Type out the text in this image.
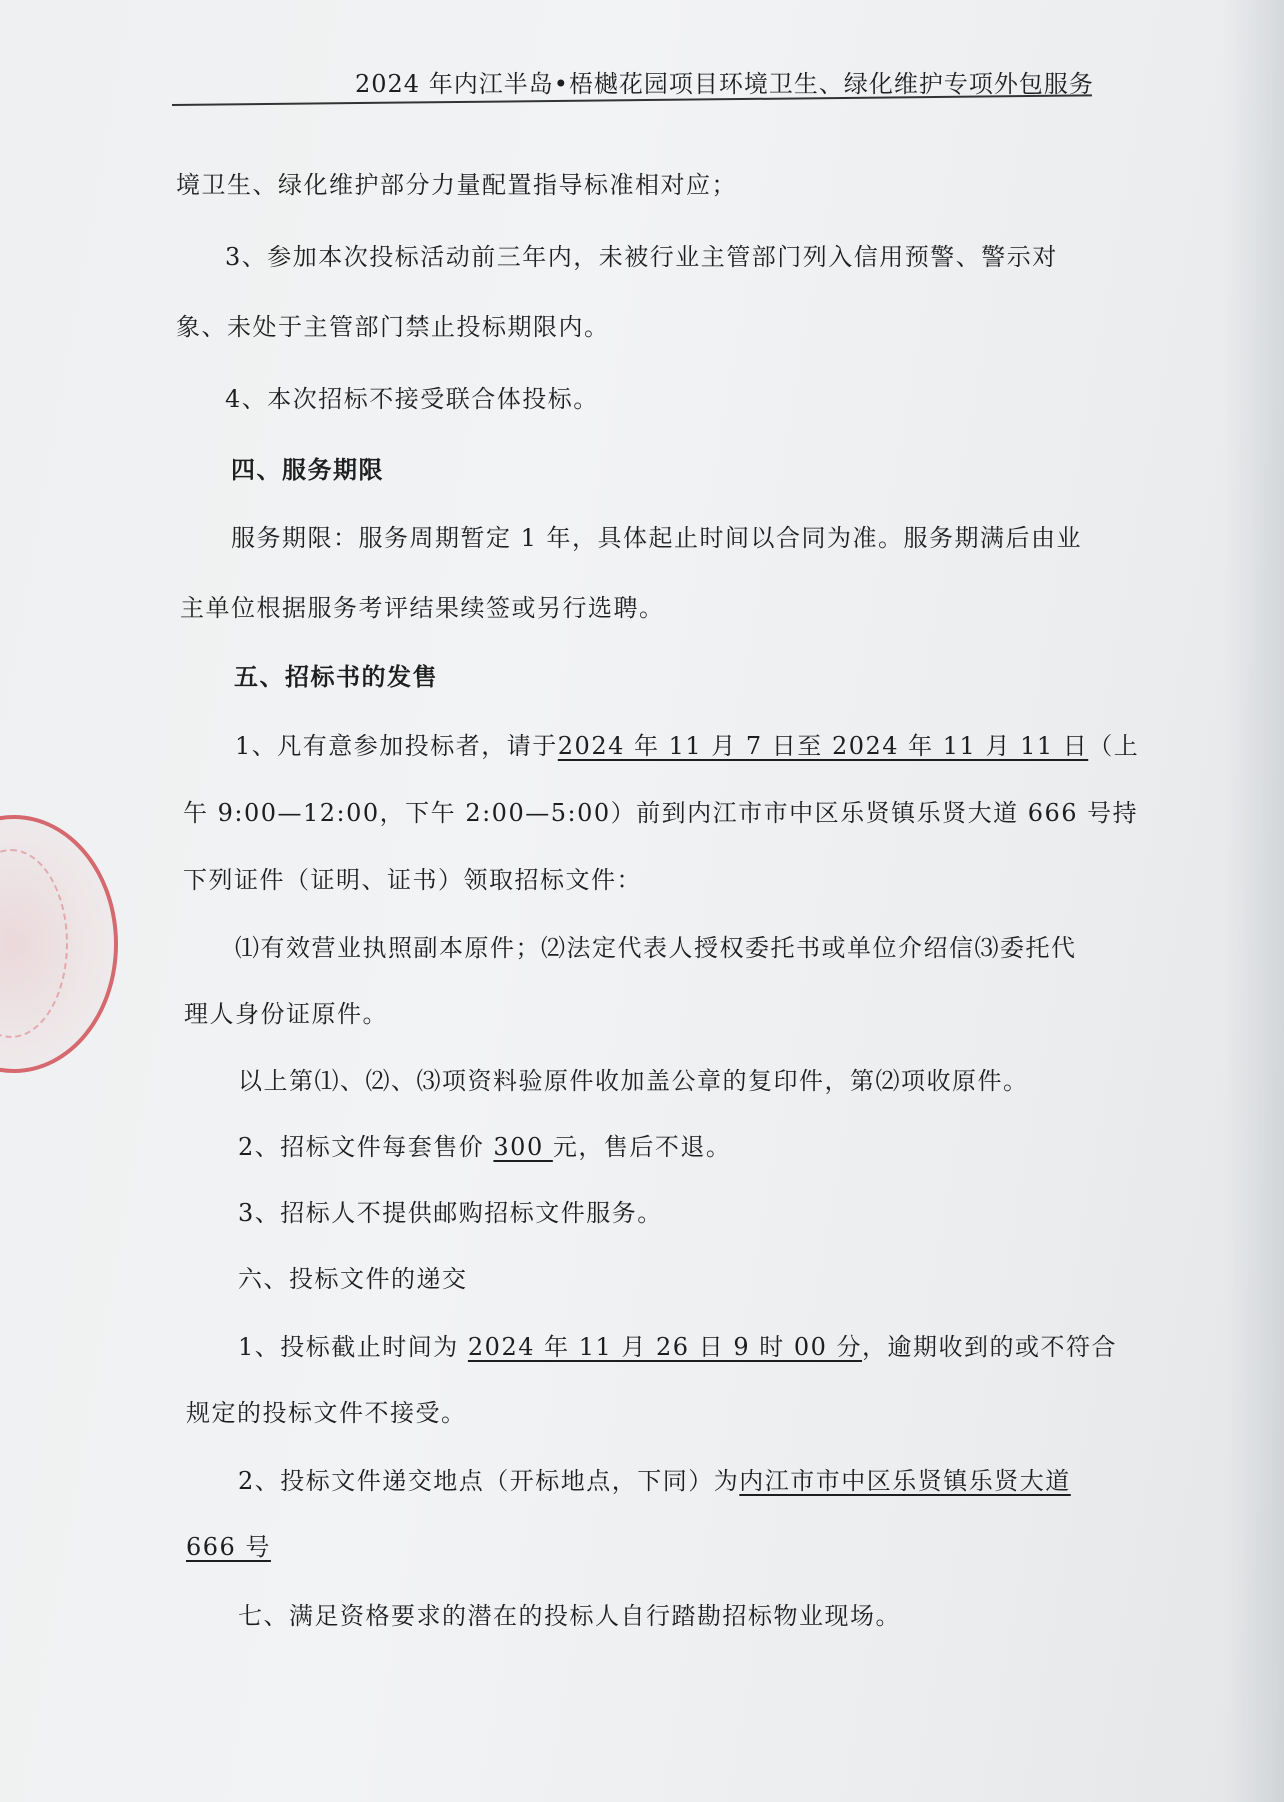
2024 年内江半岛•梧樾花园项目环境卫生、绿化维护专项外包服务
境卫生、绿化维护部分力量配置指导标准相对应；
3、参加本次投标活动前三年内，未被行业主管部门列入信用预警、警示对
象、未处于主管部门禁止投标期限内。
4、本次招标不接受联合体投标。
四、服务期限
服务期限：服务周期暂定 1 年，具体起止时间以合同为准。服务期满后由业
主单位根据服务考评结果续签或另行选聘。
五、招标书的发售
1、凡有意参加投标者，请于2024 年 11 月 7 日至 2024 年 11 月 11 日（上
午 9:00—12:00，下午 2:00—5:00）前到内江市市中区乐贤镇乐贤大道 666 号持
下列证件（证明、证书）领取招标文件：
⑴有效营业执照副本原件；⑵法定代表人授权委托书或单位介绍信⑶委托代
理人身份证原件。
以上第⑴、⑵、⑶项资料验原件收加盖公章的复印件，第⑵项收原件。
2、招标文件每套售价 300 元，售后不退。
3、招标人不提供邮购招标文件服务。
六、投标文件的递交
1、投标截止时间为 2024 年 11 月 26 日 9 时 00 分，逾期收到的或不符合
规定的投标文件不接受。
2、投标文件递交地点（开标地点，下同）为内江市市中区乐贤镇乐贤大道
666 号
七、满足资格要求的潜在的投标人自行踏勘招标物业现场。
